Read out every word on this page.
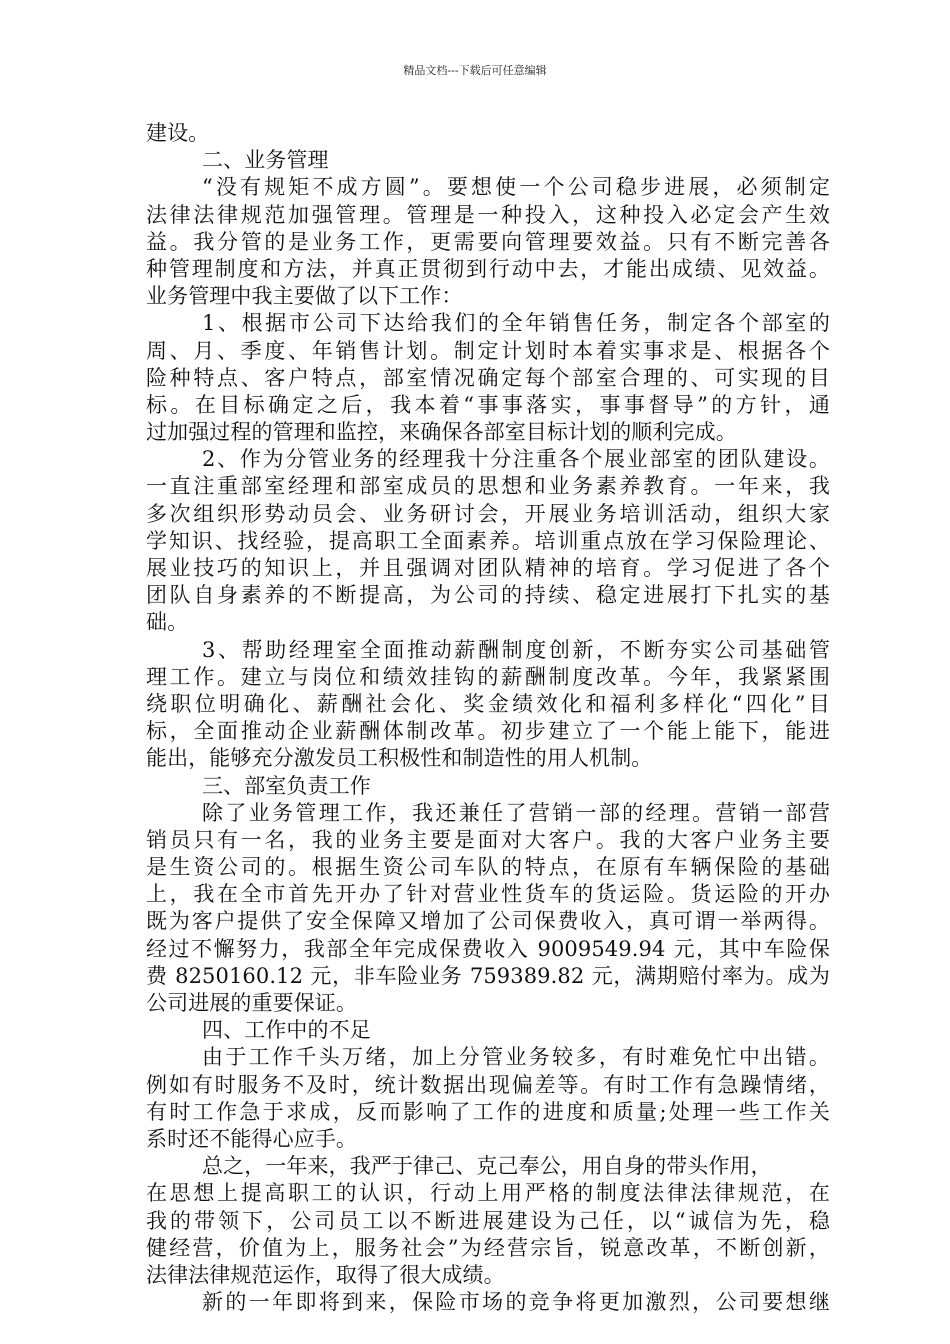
精品文档---下载后可任意编辑
建设。
二、业务管理
“没有规矩不成方圆”。要想使一个公司稳步进展，必须制定
法律法律规范加强管理。管理是一种投入，这种投入必定会产生效
益。我分管的是业务工作，更需要向管理要效益。只有不断完善各
种管理制度和方法，并真正贯彻到行动中去，才能出成绩、见效益。
业务管理中我主要做了以下工作：
1、根据市公司下达给我们的全年销售任务，制定各个部室的
周、月、季度、年销售计划。制定计划时本着实事求是、根据各个
险种特点、客户特点，部室情况确定每个部室合理的、可实现的目
标。在目标确定之后，我本着“事事落实，事事督导”的方针，通
过加强过程的管理和监控，来确保各部室目标计划的顺利完成。
2、作为分管业务的经理我十分注重各个展业部室的团队建设。
一直注重部室经理和部室成员的思想和业务素养教育。一年来，我
多次组织形势动员会、业务研讨会，开展业务培训活动，组织大家
学知识、找经验，提高职工全面素养。培训重点放在学习保险理论、
展业技巧的知识上，并且强调对团队精神的培育。学习促进了各个
团队自身素养的不断提高，为公司的持续、稳定进展打下扎实的基
础。
3、帮助经理室全面推动薪酬制度创新，不断夯实公司基础管
理工作。建立与岗位和绩效挂钩的薪酬制度改革。今年，我紧紧围
绕职位明确化、薪酬社会化、奖金绩效化和福利多样化“四化”目
标，全面推动企业薪酬体制改革。初步建立了一个能上能下，能进
能出，能够充分激发员工积极性和制造性的用人机制。
三、部室负责工作
除了业务管理工作，我还兼任了营销一部的经理。营销一部营
销员只有一名，我的业务主要是面对大客户。我的大客户业务主要
是生资公司的。根据生资公司车队的特点，在原有车辆保险的基础
上，我在全市首先开办了针对营业性货车的货运险。货运险的开办
既为客户提供了安全保障又增加了公司保费收入，真可谓一举两得。
经过不懈努力，我部全年完成保费收入 9009549.94 元，其中车险保
费 8250160.12 元，非车险业务 759389.82 元，满期赔付率为。成为
公司进展的重要保证。
四、工作中的不足
由于工作千头万绪，加上分管业务较多，有时难免忙中出错。
例如有时服务不及时，统计数据出现偏差等。有时工作有急躁情绪，
有时工作急于求成，反而影响了工作的进度和质量;处理一些工作关
系时还不能得心应手。
总之，一年来，我严于律己、克己奉公，用自身的带头作用，
在思想上提高职工的认识，行动上用严格的制度法律法律规范，在
我的带领下，公司员工以不断进展建设为己任，以“诚信为先，稳
健经营，价值为上，服务社会”为经营宗旨，锐意改革，不断创新，
法律法律规范运作，取得了很大成绩。
新的一年即将到来，保险市场的竞争将更加激烈，公司要想继
